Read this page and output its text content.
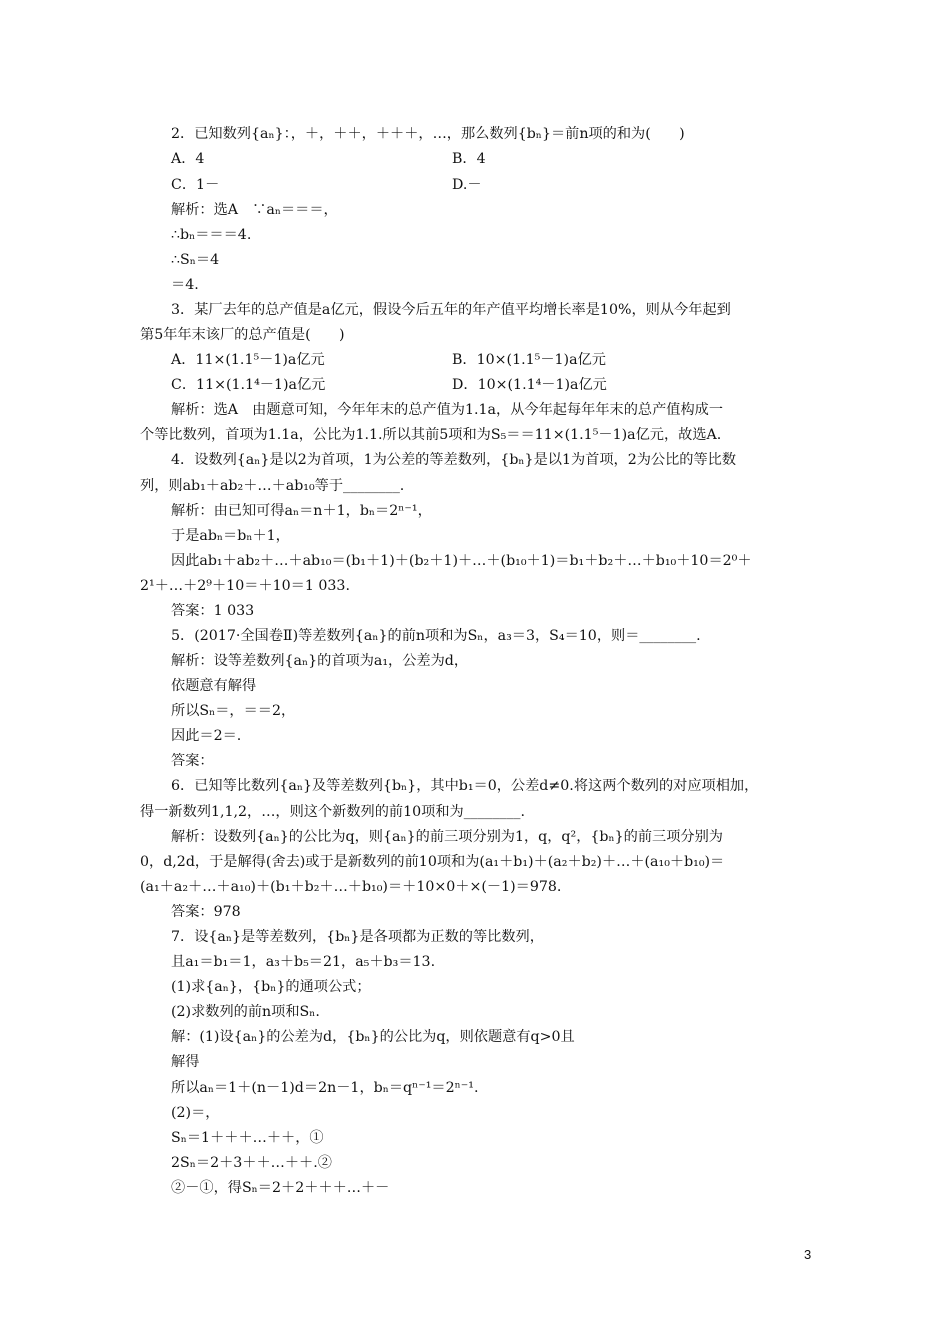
2．已知数列{aₙ}：，＋，＋＋，＋＋＋，…，那么数列{bₙ}＝前n项的和为(　　)
A．4	B．4
C．1－	D.－
解析：选A　∵aₙ＝＝＝，
∴bₙ＝＝＝4.
∴Sₙ＝4
＝4.
3．某厂去年的总产值是a亿元，假设今后五年的年产值平均增长率是10%，则从今年起到
第5年年末该厂的总产值是(　　)
A．11×(1.1⁵－1)a亿元	B．10×(1.1⁵－1)a亿元
C．11×(1.1⁴－1)a亿元	D．10×(1.1⁴－1)a亿元
解析：选A　由题意可知，今年年末的总产值为1.1a，从今年起每年年末的总产值构成一
个等比数列，首项为1.1a，公比为1.1.所以其前5项和为S₅＝＝11×(1.1⁵－1)a亿元，故选A.
4．设数列{aₙ}是以2为首项，1为公差的等差数列，{bₙ}是以1为首项，2为公比的等比数
列，则ab₁＋ab₂＋…＋ab₁₀等于________.
解析：由已知可得aₙ＝n＋1，bₙ＝2ⁿ⁻¹，
于是abₙ＝bₙ＋1，
因此ab₁＋ab₂＋…＋ab₁₀＝(b₁＋1)＋(b₂＋1)＋…＋(b₁₀＋1)＝b₁＋b₂＋…＋b₁₀＋10＝2⁰＋
2¹＋…＋2⁹＋10＝＋10＝1 033.
答案：1 033
5．(2017·全国卷Ⅱ)等差数列{aₙ}的前n项和为Sₙ，a₃＝3，S₄＝10，则＝________.
解析：设等差数列{aₙ}的首项为a₁，公差为d，
依题意有解得
所以Sₙ＝，＝＝2，
因此＝2＝.
答案：
6．已知等比数列{aₙ}及等差数列{bₙ}，其中b₁＝0，公差d≠0.将这两个数列的对应项相加，
得一新数列1,1,2，…，则这个新数列的前10项和为________.
解析：设数列{aₙ}的公比为q，则{aₙ}的前三项分别为1，q，q²，{bₙ}的前三项分别为
0，d,2d，于是解得(舍去)或于是新数列的前10项和为(a₁＋b₁)＋(a₂＋b₂)＋…＋(a₁₀＋b₁₀)＝
(a₁＋a₂＋…＋a₁₀)＋(b₁＋b₂＋…＋b₁₀)＝＋10×0＋×(－1)＝978.
答案：978
7．设{aₙ}是等差数列，{bₙ}是各项都为正数的等比数列，
且a₁＝b₁＝1，a₃＋b₅＝21，a₅＋b₃＝13.
(1)求{aₙ}，{bₙ}的通项公式；
(2)求数列的前n项和Sₙ.
解：(1)设{aₙ}的公差为d，{bₙ}的公比为q，则依题意有q>0且
解得
所以aₙ＝1＋(n－1)d＝2n－1，bₙ＝qⁿ⁻¹＝2ⁿ⁻¹.
(2)＝，
Sₙ＝1＋＋＋…＋＋，①
2Sₙ＝2＋3＋＋…＋＋.②
②－①，得Sₙ＝2＋2＋＋＋…＋－
3
